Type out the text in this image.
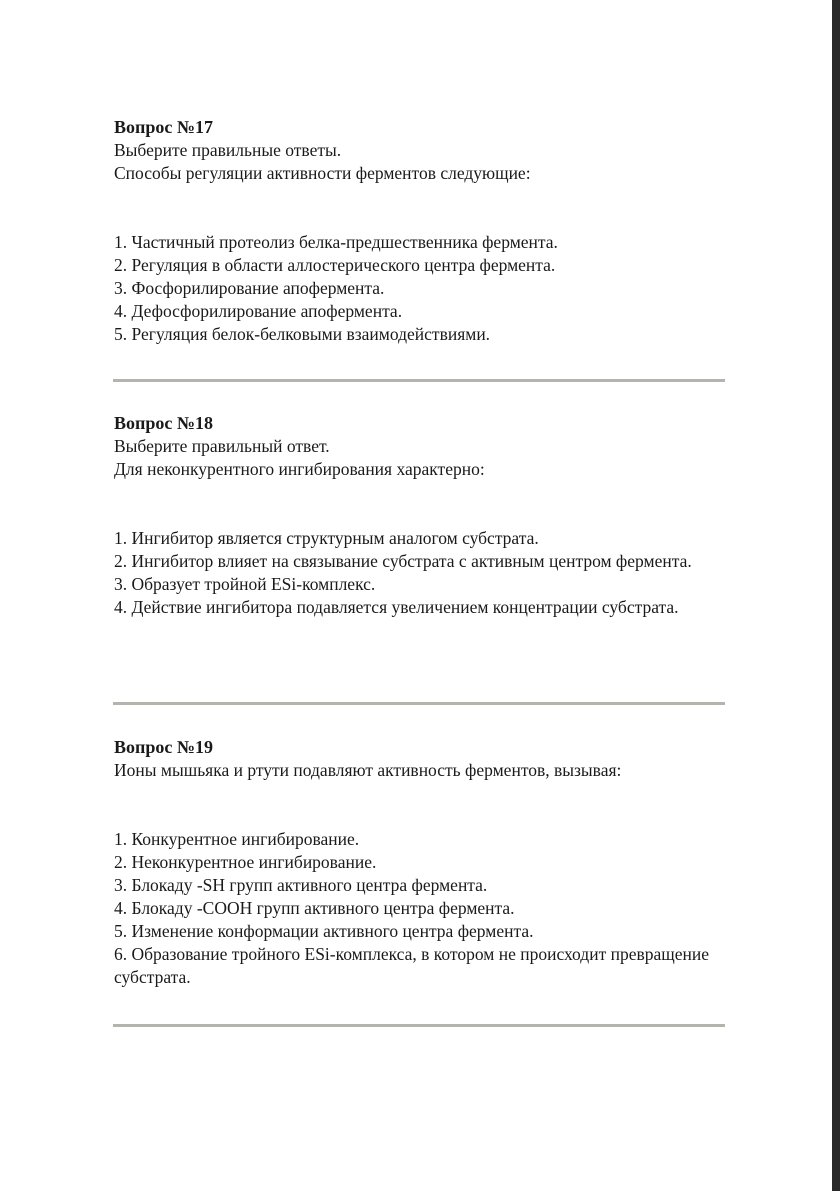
Вопрос №17
Выберите правильные ответы.
Способы регуляции активности ферментов следующие:
1. Частичный протеолиз белка-предшественника фермента.
2. Регуляция в области аллостерического центра фермента.
3. Фосфорилирование апофермента.
4. Дефосфорилирование апофермента.
5. Регуляция белок-белковыми взаимодействиями.
Вопрос №18
Выберите правильный ответ.
Для неконкурентного ингибирования характерно:
1. Ингибитор является структурным аналогом субстрата.
2. Ингибитор влияет на связывание субстрата с активным центром фермента.
3. Образует тройной ESi-комплекс.
4. Действие ингибитора подавляется увеличением концентрации субстрата.
Вопрос №19
Ионы мышьяка и ртути подавляют активность ферментов, вызывая:
1. Конкурентное ингибирование.
2. Неконкурентное ингибирование.
3. Блокаду -SH групп активного центра фермента.
4. Блокаду -COOH групп активного центра фермента.
5. Изменение конформации активного центра фермента.
6. Образование тройного ESi-комплекса, в котором не происходит превращение субстрата.
